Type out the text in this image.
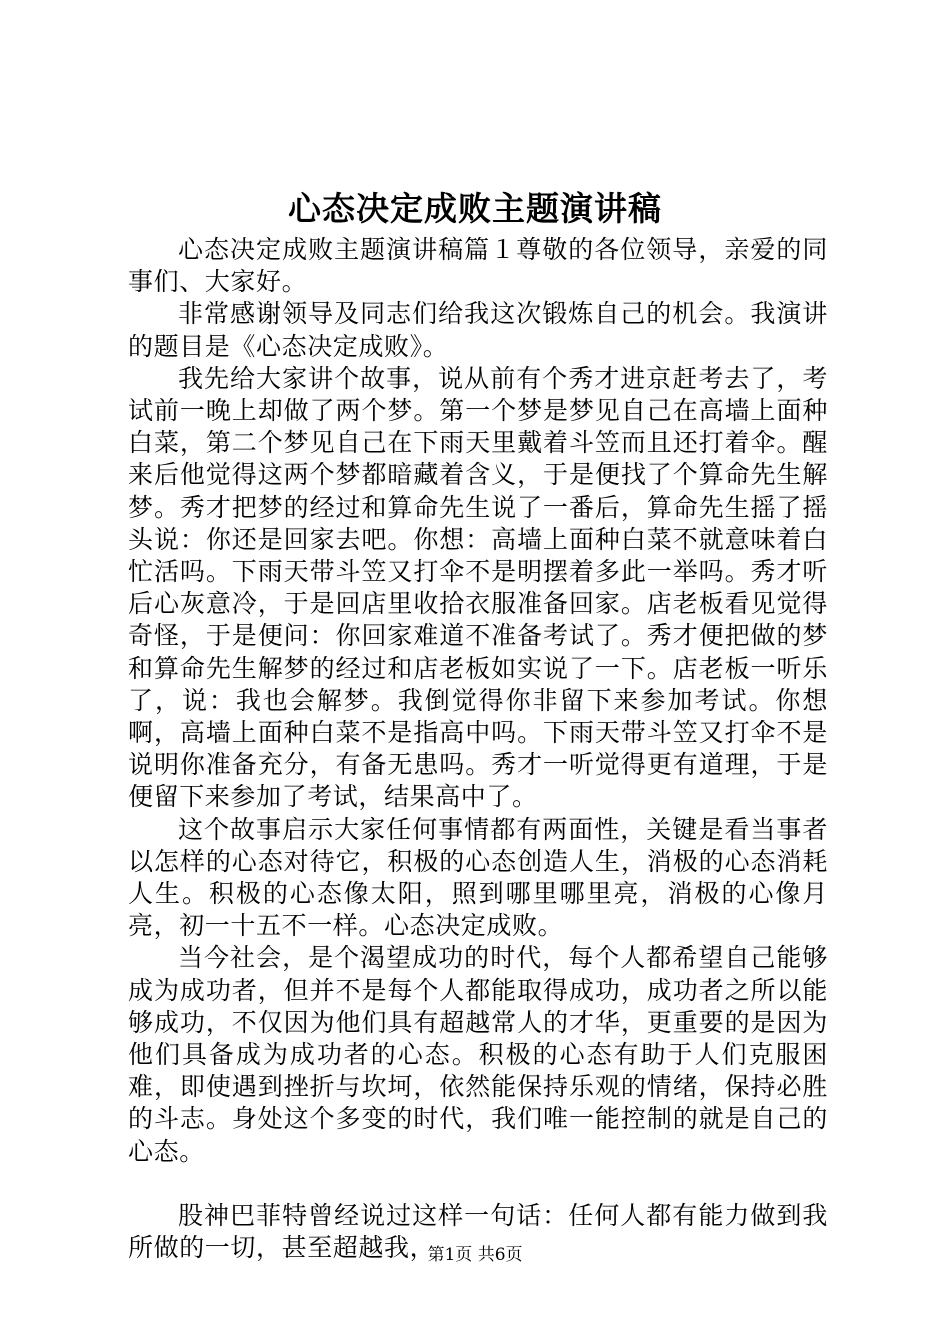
心态决定成败主题演讲稿

心态决定成败主题演讲稿篇１尊敬的各位领导，亲爱的同事们、大家好。

非常感谢领导及同志们给我这次锻炼自己的机会。我演讲的题目是《心态决定成败》。

我先给大家讲个故事，说从前有个秀才进京赶考去了，考试前一晚上却做了两个梦。第一个梦是梦见自己在高墙上面种白菜，第二个梦见自己在下雨天里戴着斗笠而且还打着伞。醒来后他觉得这两个梦都暗藏着含义，于是便找了个算命先生解梦。秀才把梦的经过和算命先生说了一番后，算命先生摇了摇头说：你还是回家去吧。你想：高墙上面种白菜不就意味着白忙活吗。下雨天带斗笠又打伞不是明摆着多此一举吗。秀才听后心灰意冷，于是回店里收拾衣服准备回家。店老板看见觉得奇怪，于是便问：你回家难道不准备考试了。秀才便把做的梦和算命先生解梦的经过和店老板如实说了一下。店老板一听乐了，说：我也会解梦。我倒觉得你非留下来参加考试。你想啊，高墙上面种白菜不是指高中吗。下雨天带斗笠又打伞不是说明你准备充分，有备无患吗。秀才一听觉得更有道理，于是便留下来参加了考试，结果高中了。

这个故事启示大家任何事情都有两面性，关键是看当事者以怎样的心态对待它，积极的心态创造人生，消极的心态消耗人生。积极的心态像太阳，照到哪里哪里亮，消极的心像月亮，初一十五不一样。心态决定成败。

当今社会，是个渴望成功的时代，每个人都希望自己能够成为成功者，但并不是每个人都能取得成功，成功者之所以能够成功，不仅因为他们具有超越常人的才华，更重要的是因为他们具备成为成功者的心态。积极的心态有助于人们克服困难，即使遇到挫折与坎坷，依然能保持乐观的情绪，保持必胜的斗志。身处这个多变的时代，我们唯一能控制的就是自己的心态。

股神巴菲特曾经说过这样一句话：任何人都有能力做到我所做的一切，甚至超越我，

第1页 共6页
